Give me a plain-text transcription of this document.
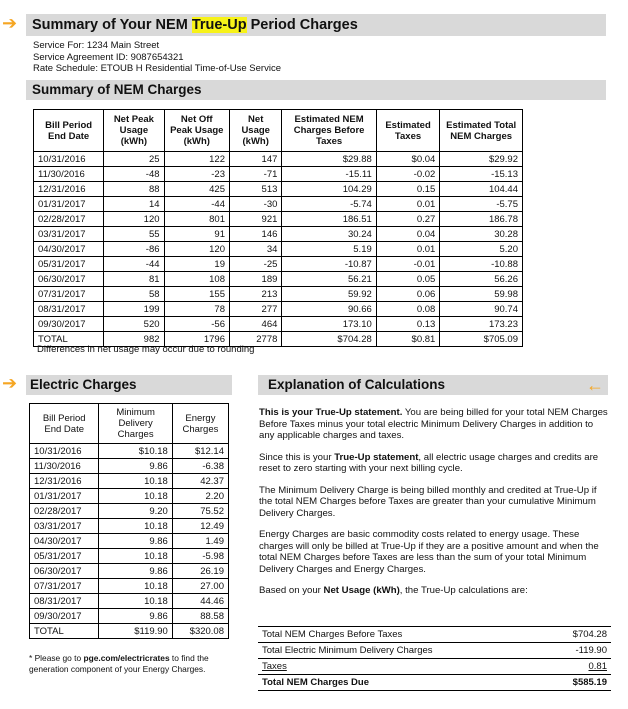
➔	Summary of Your NEM True-Up Period Charges
Service For: 1234 Main Street
Service Agreement ID: 9087654321
Rate Schedule: ETOUB H Residential Time-of-Use Service
Summary of NEM Charges
Bill Period End Date	Net Peak Usage (kWh)	Net Off Peak Usage (kWh)	Net Usage (kWh)	Estimated NEM Charges Before Taxes	Estimated Taxes	Estimated Total NEM Charges
10/31/2016	25	122	147	$29.88	$0.04	$29.92
11/30/2016	-48	-23	-71	-15.11	-0.02	-15.13
12/31/2016	88	425	513	104.29	0.15	104.44
01/31/2017	14	-44	-30	-5.74	0.01	-5.75
02/28/2017	120	801	921	186.51	0.27	186.78
03/31/2017	55	91	146	30.24	0.04	30.28
04/30/2017	-86	120	34	5.19	0.01	5.20
05/31/2017	-44	19	-25	-10.87	-0.01	-10.88
06/30/2017	81	108	189	56.21	0.05	56.26
07/31/2017	58	155	213	59.92	0.06	59.98
08/31/2017	199	78	277	90.66	0.08	90.74
09/30/2017	520	-56	464	173.10	0.13	173.23
TOTAL	982	1796	2778	$704.28	$0.81	$705.09
Differences in net usage may occur due to rounding
➔ Electric Charges
Bill Period End Date	Minimum Delivery Charges	Energy Charges
10/31/2016	$10.18	$12.14
11/30/2016	9.86	-6.38
12/31/2016	10.18	42.37
01/31/2017	10.18	2.20
02/28/2017	9.20	75.52
03/31/2017	10.18	12.49
04/30/2017	9.86	1.49
05/31/2017	10.18	-5.98
06/30/2017	9.86	26.19
07/31/2017	10.18	27.00
08/31/2017	10.18	44.46
09/30/2017	9.86	88.58
TOTAL	$119.90	$320.08
* Please go to pge.com/electricrates to find the generation component of your Energy Charges.
Explanation of Calculations	←

This is your True-Up statement. You are being billed for your total NEM Charges Before Taxes minus your total electric Minimum Delivery Charges in addition to any applicable charges and taxes.

Since this is your True-Up statement, all electric usage charges and credits are reset to zero starting with your next billing cycle.

The Minimum Delivery Charge is being billed monthly and credited at True-Up if the total NEM Charges before Taxes are greater than your cumulative Minimum Delivery Charges.

Energy Charges are basic commodity costs related to energy usage. These charges will only be billed at True-Up if they are a positive amount and when the total NEM Charges before Taxes are less than the sum of your total Minimum Delivery Charges and Energy Charges.

Based on your Net Usage (kWh), the True-Up calculations are:

Total NEM Charges Before Taxes	$704.28
Total Electric Minimum Delivery Charges	-119.90
Taxes	0.81
Total NEM Charges Due	$585.19
